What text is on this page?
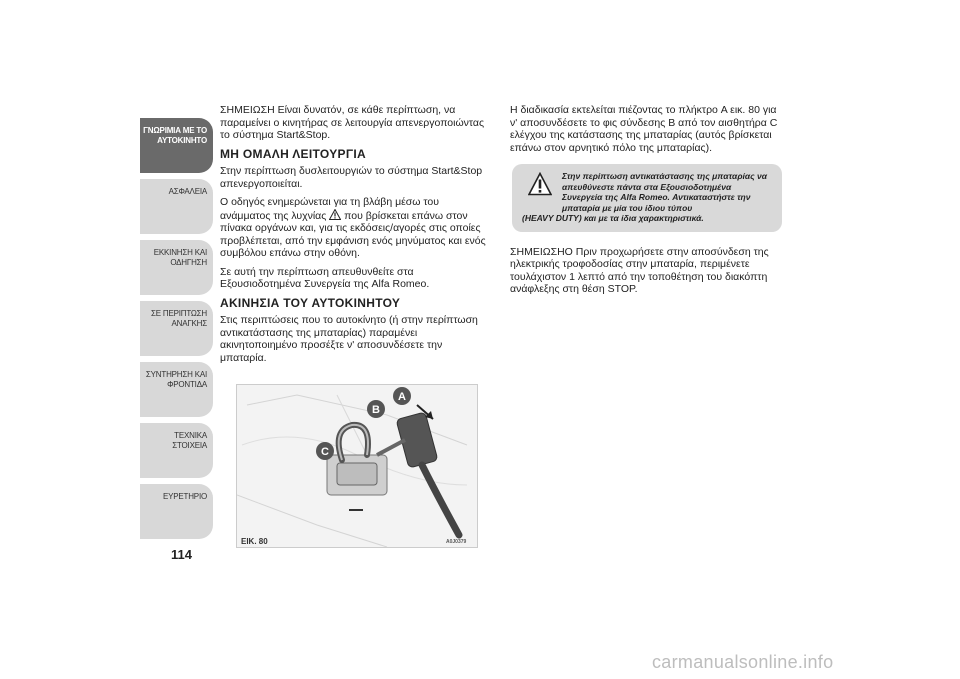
ΓΝΩΡΙΜΙΑ ΜΕ ΤΟ
ΑΥΤΟΚΙΝΗΤΟ
ΑΣΦΑΛΕΙΑ
ΕΚΚΙΝΗΣΗ ΚΑΙ
ΟΔΗΓΗΣΗ
ΣΕ ΠΕΡΙΠΤΩΣΗ
ΑΝΑΓΚΗΣ
ΣΥΝΤΗΡΗΣΗ ΚΑΙ
ΦΡΟΝΤΙΔΑ
ΤΕΧΝΙΚΑ ΣΤΟΙΧΕΙΑ
ΕΥΡΕΤΗΡΙΟ
114

ΣΗΜΕΙΩΣΗ Είναι δυνατόν, σε κάθε περίπτωση, να παραμείνει ο κινητήρας σε λειτουργία απενεργοποιώντας το σύστημα Start&Stop.

ΜΗ ΟΜΑΛΗ ΛΕΙΤΟΥΡΓΙΑ

Στην περίπτωση δυσλειτουργιών το σύστημα Start&Stop απενεργοποιείται.

Ο οδηγός ενημερώνεται για τη βλάβη μέσω του ανάμματος της λυχνίας που βρίσκεται επάνω στον πίνακα οργάνων και, για τις εκδόσεις/αγορές στις οποίες προβλέπεται, από την εμφάνιση ενός μηνύματος και ενός συμβόλου επάνω στην οθόνη.

Σε αυτή την περίπτωση απευθυνθείτε στα Εξουσιοδοτημένα Συνεργεία της Alfa Romeo.

ΑΚΙΝΗΣΙΑ ΤΟΥ ΑΥΤΟΚΙΝΗΤΟΥ

Στις περιπτώσεις που το αυτοκίνητο (ή στην περίπτωση αντικατάστασης της μπαταρίας) παραμένει ακινητοποιημένο προσέξτε ν' αποσυνδέσετε την μπαταρία.

Η διαδικασία εκτελείται πιέζοντας το πλήκτρο A εικ. 80 για ν' αποσυνδέσετε το φις σύνδεσης B από τον αισθητήρα C ελέγχου της κατάστασης της μπαταρίας (αυτός βρίσκεται επάνω στον αρνητικό πόλο της μπαταρίας).

Στην περίπτωση αντικατάστασης της μπαταρίας να απευθύνεστε πάντα στα Εξουσιοδοτημένα Συνεργεία της Alfa Romeo. Αντικαταστήστε την μπαταρία με μία του ίδιου τύπου
(HEAVY DUTY) και με τα ίδια χαρακτηριστικά.

ΣΗΜΕΙΩΣΗΟ Πριν προχωρήσετε στην αποσύνδεση της ηλεκτρικής τροφοδοσίας στην μπαταρία, περιμένετε τουλάχιστον 1 λεπτό από την τοποθέτηση του διακόπτη ανάφλεξης στη θέση STOP.

A
B
C
ΕΙΚ. 80	A0J0379
carmanualsonline.info
